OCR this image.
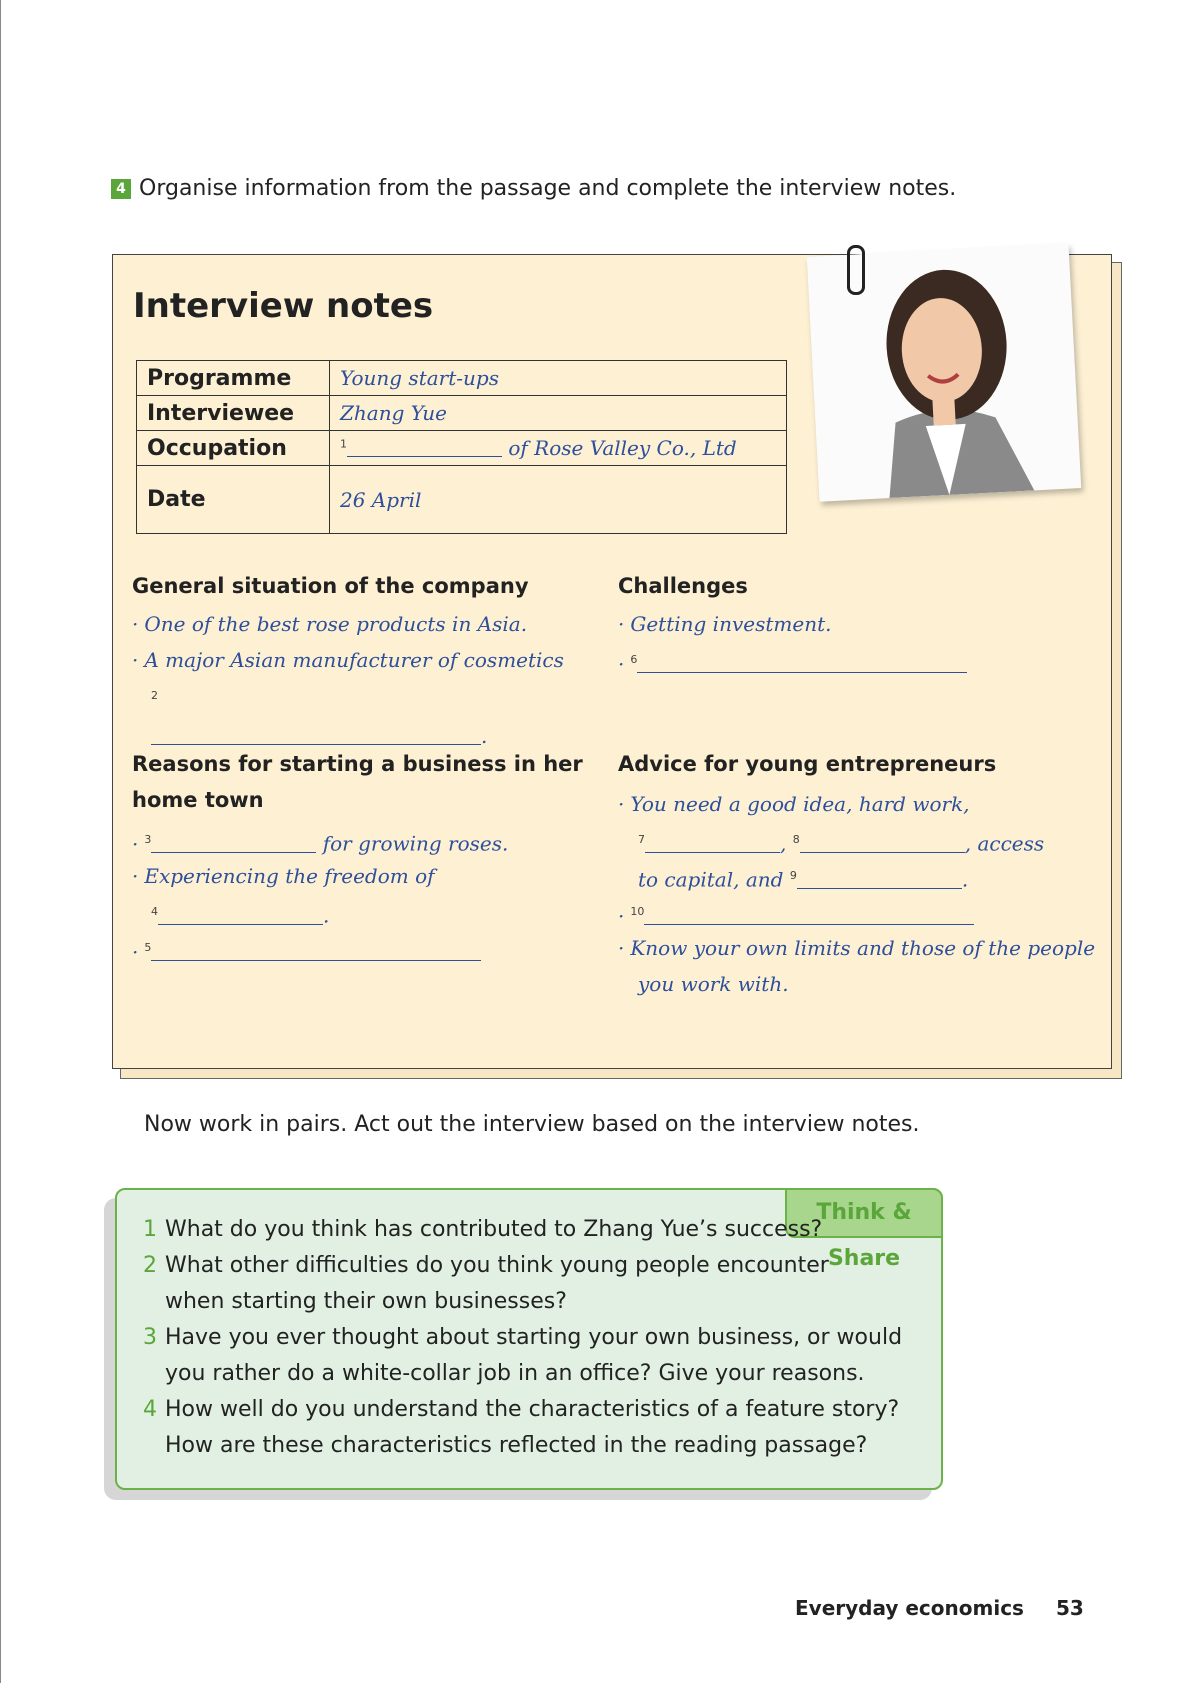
4 Organise information from the passage and complete the interview notes.
Interview notes
Programme	Young start-ups
Interviewee	Zhang Yue
Occupation	$^1$ of Rose Valley Co., Ltd
Date	26 April
General situation of the company
· One of the best rose products in Asia.
· A major Asian manufacturer of cosmetics
$^2$
.
Challenges
· Getting investment.
· $^6$
Reasons for starting a business in her
home town
· $^3$	for growing roses.
· Experiencing the freedom of
$^4$	.
· $^5$
Advice for young entrepreneurs
· You need a good idea, hard work,
$^7$	, $^8$	, access
to capital, and $^9$	.
· $^{10}$
· Know your own limits and those of the people
you work with.
Now work in pairs. Act out the interview based on the interview notes.
Think & Share
1 What do you think has contributed to Zhang Yue’s success?
2 What other difficulties do you think young people encounter when starting their own businesses?
3 Have you ever thought about starting your own business, or would you rather do a white-collar job in an office? Give your reasons.
4 How well do you understand the characteristics of a feature story? How are these characteristics reflected in the reading passage?
Everyday economics 53
